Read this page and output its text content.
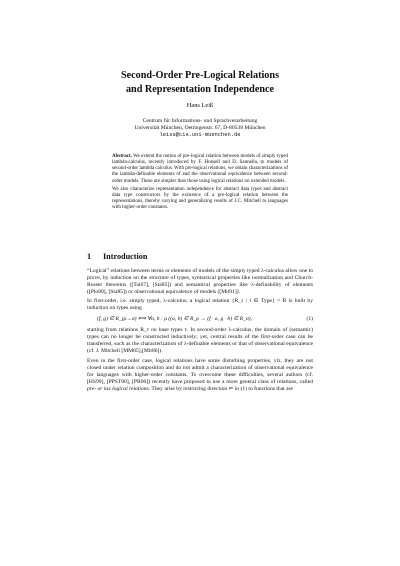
Second-Order Pre-Logical Relations
and Representation Independence
Hans Leiß
Centrum für Informations- und Sprachverarbeitung
Universität München, Oettingenstr. 67, D-80538 München
leiss@cis.uni-muenchen.de

Abstract. We extend the notion of pre-logical relation between models of simply typed lambda-calculus, recently introduced by F. Honsell and D. Sannella, to models of second-order lambda calculus. With pre-logical relations, we obtain characterizations of the lambda-definable elements of and the observational equivalence between second-order models. These are simpler than those using logical relations on extended models.

We also characterize representation independence for abstract data types and abstract data type constructors by the existence of a pre-logical relation between the representations, thereby varying and generalizing results of J.C. Mitchell to languages with higher-order constants.

1 Introduction

“Logical” relations between terms or elements of models of the simply typed λ-calculus allow one to prove, by induction on the structure of types, syntactical properties like normalization and Church-Rosser theorems ([Tai67], [Sta85]) and semantical properties like λ-definability of elements ([Plo80], [Sta85]) or observational equivalence of models ([Mit91]).

In first-order, i.e. simply typed, λ-calculus, a logical relation {R_τ | τ ∈ Type} = R is built by induction on types using

(f, g) ∈ R_(ρ→σ) ⟺ ∀a, b : ρ ((a, b) ∈ R_ρ → (f · a, g · b) ∈ R_σ),	(1)

starting from relations R_τ on base types τ. In second-order λ-calculus, the domain of (semantic) types can no longer be constructed inductively; yet, central results of the first-order case can be transferred, such as the characterization of λ-definable elements or that of observational equivalence (cf. J. Mitchell [MM85],[Mit86]).

Even in the first-order case, logical relations have some disturbing properties, viz. they are not closed under relation composition and do not admit a characterization of observational equivalence for languages with higher-order constants. To overcome these difficulties, several authors (cf. [HS99], [PPST00], [PR00]) recently have proposed to use a more general class of relations, called pre- or lax logical relations. They arise by restricting direction ⇐ in (1) to functions that are
